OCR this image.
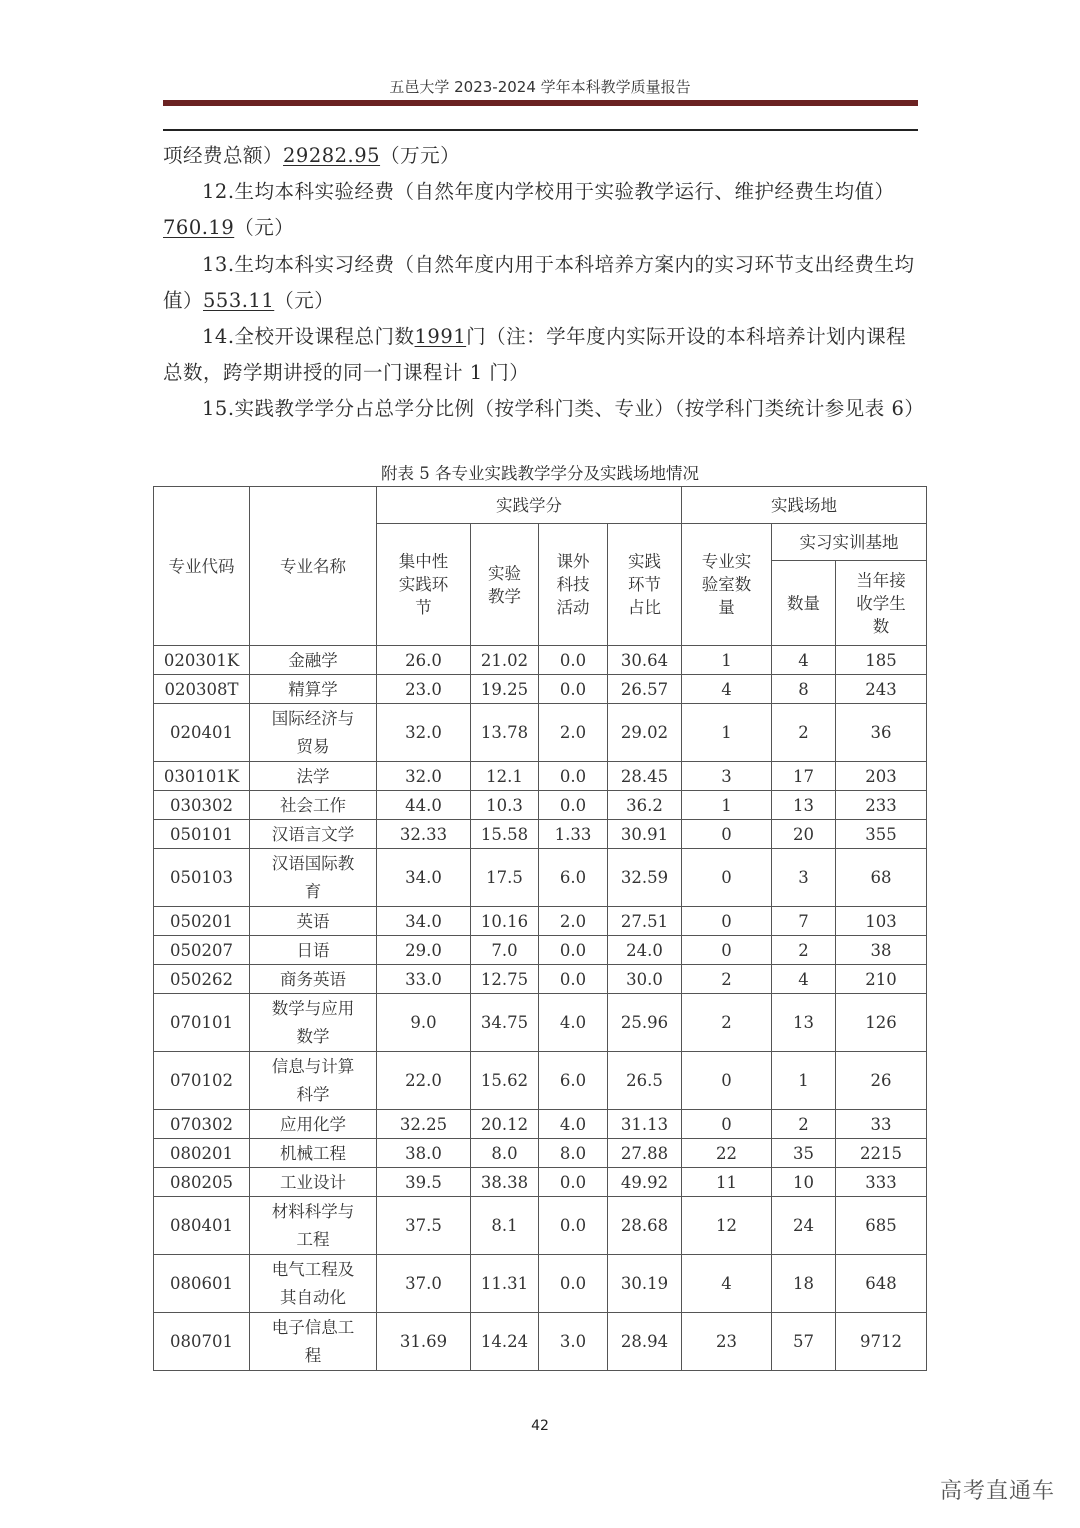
五邑大学 2023-2024 学年本科教学质量报告

项经费总额）29282.95（万元）

12.生均本科实验经费（自然年度内学校用于实验教学运行、维护经费生均值）760.19（元）

13.生均本科实习经费（自然年度内用于本科培养方案内的实习环节支出经费生均值）553.11（元）

14.全校开设课程总门数1991门（注：学年度内实际开设的本科培养计划内课程总数，跨学期讲授的同一门课程计 1 门）

15.实践教学学分占总学分比例（按学科门类、专业）（按学科门类统计参见表 6）

附表 5 各专业实践教学学分及实践场地情况
专业代码	专业名称	实践学分				实践场地		

		集中性实践环节	实验教学	课外科技活动	实践环节占比	专业实验室数量	实习实训基地	
							数量	当年接收学生数

020301K	金融学	26.0	21.02	0.0	30.64	1	4	185
020308T	精算学	23.0	19.25	0.0	26.57	4	8	243
020401	国际经济与贸易	32.0	13.78	2.0	29.02	1	2	36
030101K	法学	32.0	12.1	0.0	28.45	3	17	203
030302	社会工作	44.0	10.3	0.0	36.2	1	13	233
050101	汉语言文学	32.33	15.58	1.33	30.91	0	20	355
050103	汉语国际教育	34.0	17.5	6.0	32.59	0	3	68
050201	英语	34.0	10.16	2.0	27.51	0	7	103
050207	日语	29.0	7.0	0.0	24.0	0	2	38
050262	商务英语	33.0	12.75	0.0	30.0	2	4	210
070101	数学与应用数学	9.0	34.75	4.0	25.96	2	13	126
070102	信息与计算科学	22.0	15.62	6.0	26.5	0	1	26
070302	应用化学	32.25	20.12	4.0	31.13	0	2	33
080201	机械工程	38.0	8.0	8.0	27.88	22	35	2215
080205	工业设计	39.5	38.38	0.0	49.92	11	10	333
080401	材料科学与工程	37.5	8.1	0.0	28.68	12	24	685
080601	电气工程及其自动化	37.0	11.31	0.0	30.19	4	18	648
080701	电子信息工程	31.69	14.24	3.0	28.94	23	57	9712
42
高考直通车
